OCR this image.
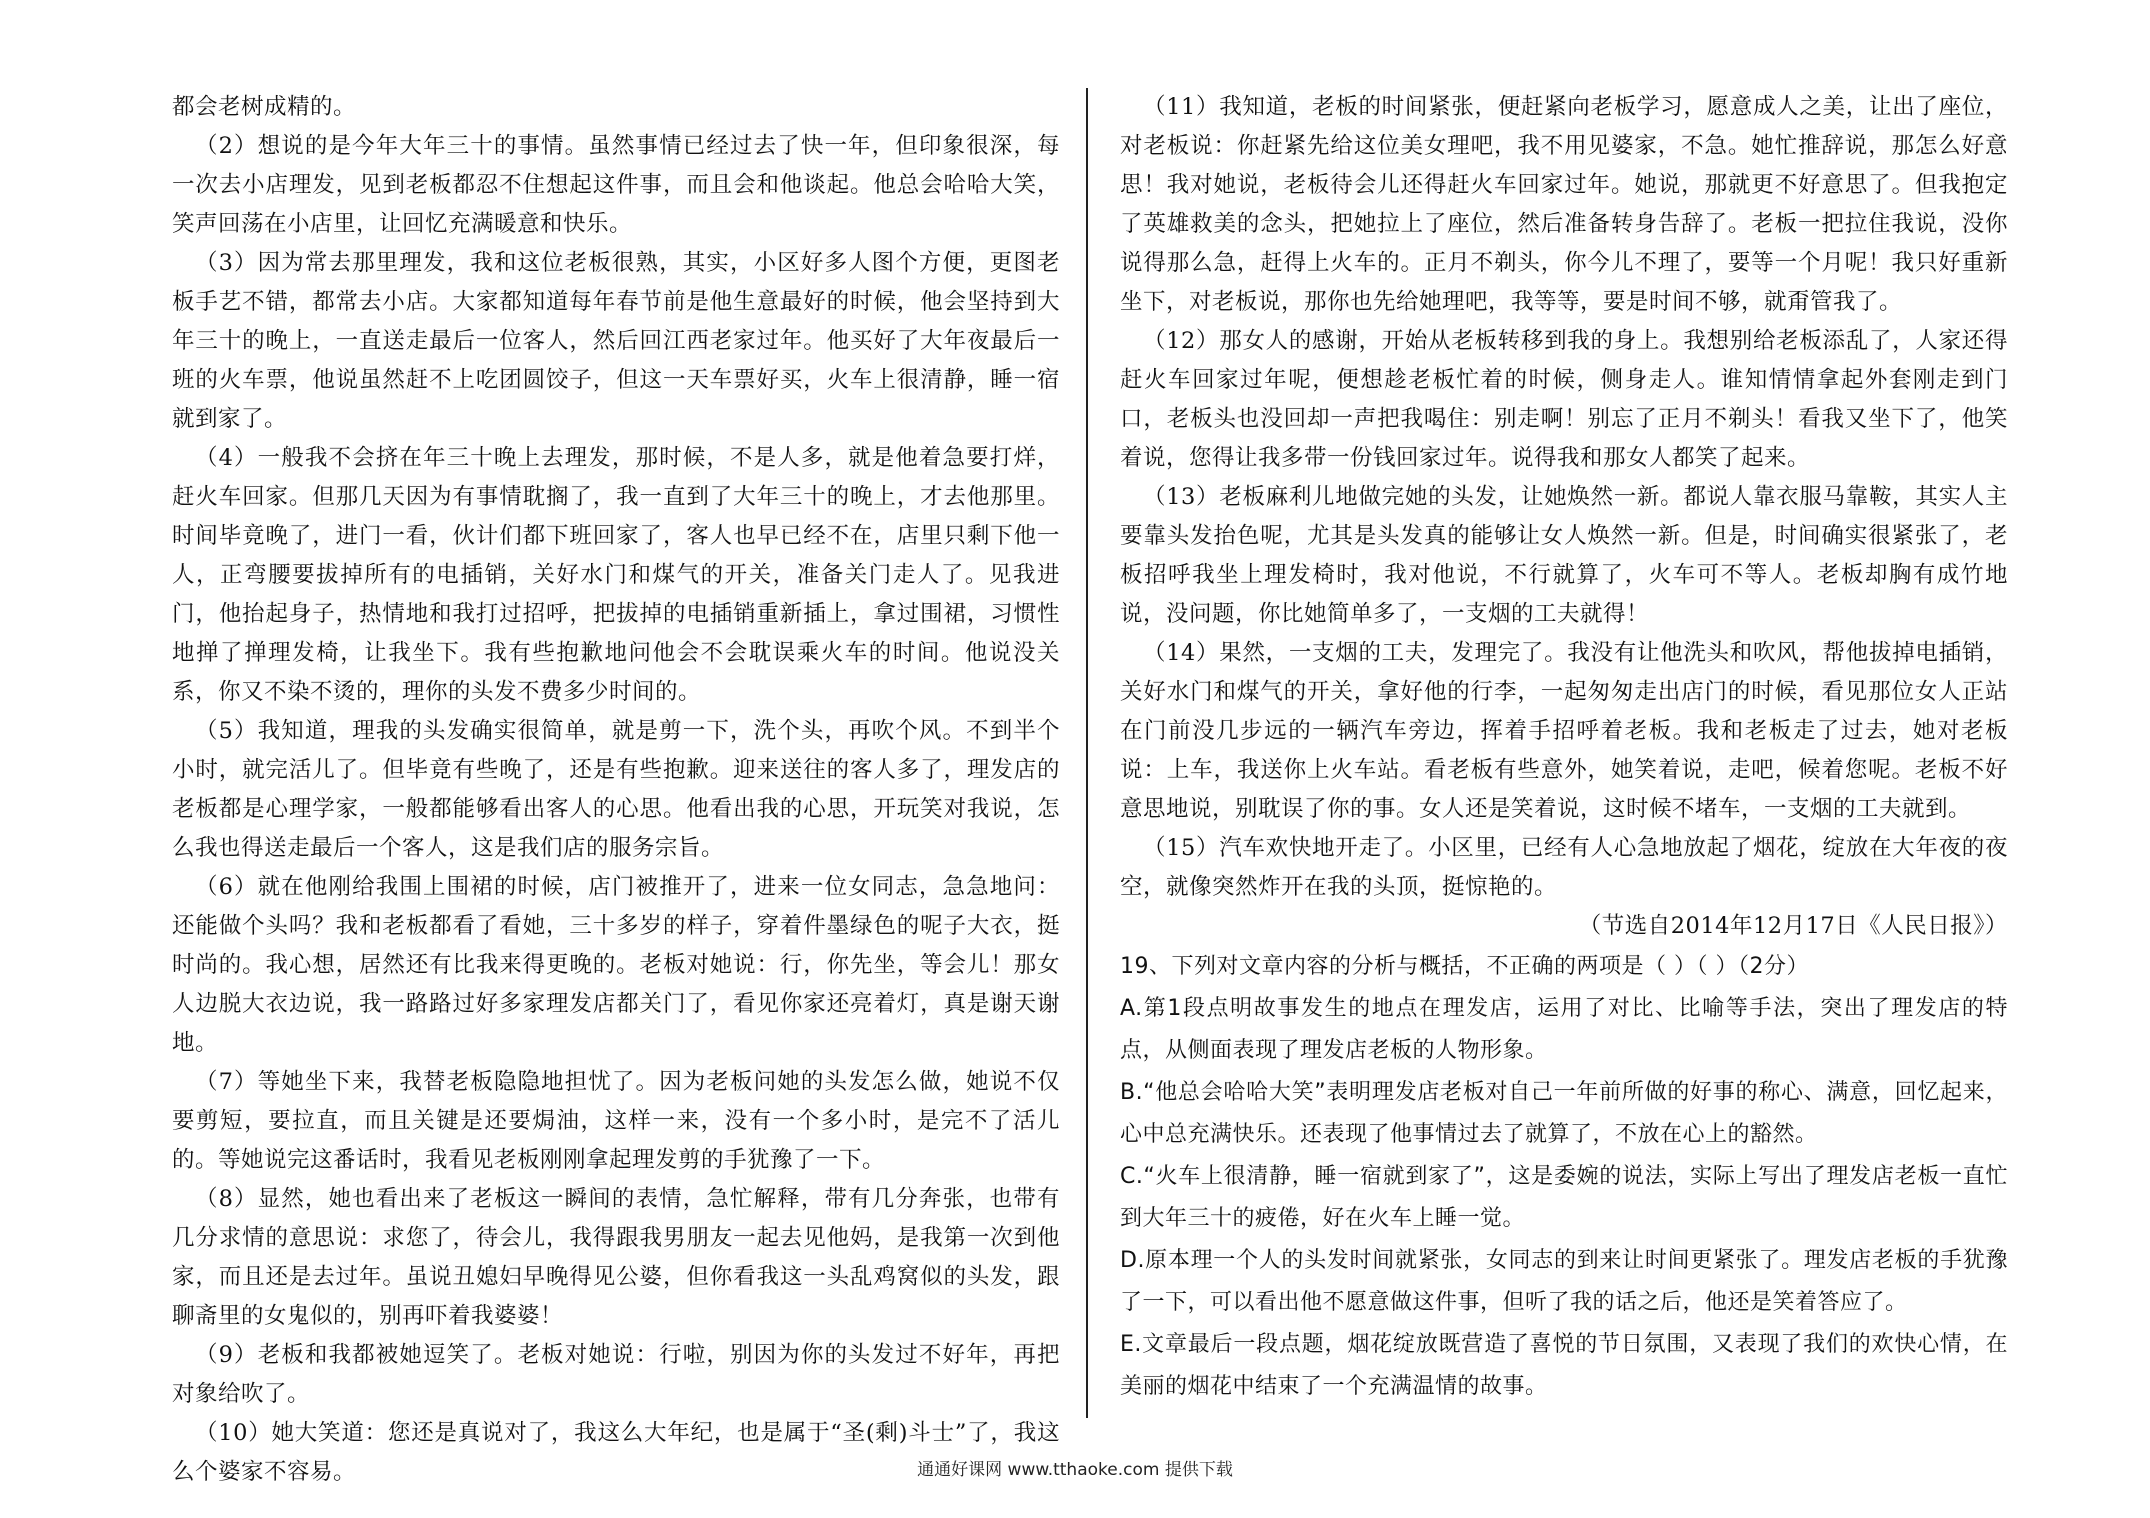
都会老树成精的。

（2）想说的是今年大年三十的事情。虽然事情已经过去了快一年，但印象很深，每一次去小店理发，见到老板都忍不住想起这件事，而且会和他谈起。他总会哈哈大笑，笑声回荡在小店里，让回忆充满暖意和快乐。

（3）因为常去那里理发，我和这位老板很熟，其实，小区好多人图个方便，更图老板手艺不错，都常去小店。大家都知道每年春节前是他生意最好的时候，他会坚持到大年三十的晚上，一直送走最后一位客人，然后回江西老家过年。他买好了大年夜最后一班的火车票，他说虽然赶不上吃团圆饺子，但这一天车票好买，火车上很清静，睡一宿就到家了。

（4）一般我不会挤在年三十晚上去理发，那时候，不是人多，就是他着急要打烊，赶火车回家。但那几天因为有事情耽搁了，我一直到了大年三十的晚上，才去他那里。时间毕竟晚了，进门一看，伙计们都下班回家了，客人也早已经不在，店里只剩下他一人，正弯腰要拔掉所有的电插销，关好水门和煤气的开关，准备关门走人了。见我进门，他抬起身子，热情地和我打过招呼，把拔掉的电插销重新插上，拿过围裙，习惯性地掸了掸理发椅，让我坐下。我有些抱歉地问他会不会耽误乘火车的时间。他说没关系，你又不染不烫的，理你的头发不费多少时间的。

（5）我知道，理我的头发确实很简单，就是剪一下，洗个头，再吹个风。不到半个小时，就完活儿了。但毕竟有些晚了，还是有些抱歉。迎来送往的客人多了，理发店的老板都是心理学家，一般都能够看出客人的心思。他看出我的心思，开玩笑对我说，怎么我也得送走最后一个客人，这是我们店的服务宗旨。

（6）就在他刚给我围上围裙的时候，店门被推开了，进来一位女同志，急急地问：还能做个头吗？我和老板都看了看她，三十多岁的样子，穿着件墨绿色的呢子大衣，挺时尚的。我心想，居然还有比我来得更晚的。老板对她说：行，你先坐，等会儿！那女人边脱大衣边说，我一路路过好多家理发店都关门了，看见你家还亮着灯，真是谢天谢地。

（7）等她坐下来，我替老板隐隐地担忧了。因为老板问她的头发怎么做，她说不仅要剪短，要拉直，而且关键是还要焗油，这样一来，没有一个多小时，是完不了活儿的。等她说完这番话时，我看见老板刚刚拿起理发剪的手犹豫了一下。

（8）显然，她也看出来了老板这一瞬间的表情，急忙解释，带有几分奔张，也带有几分求情的意思说：求您了，待会儿，我得跟我男朋友一起去见他妈，是我第一次到他家，而且还是去过年。虽说丑媳妇早晚得见公婆，但你看我这一头乱鸡窝似的头发，跟聊斋里的女鬼似的，别再吓着我婆婆！

（9）老板和我都被她逗笑了。老板对她说：行啦，别因为你的头发过不好年，再把对象给吹了。

（10）她大笑道：您还是真说对了，我这么大年纪，也是属于“圣(剩)斗士”了，我这么个婆家不容易。

（11）我知道，老板的时间紧张，便赶紧向老板学习，愿意成人之美，让出了座位，对老板说：你赶紧先给这位美女理吧，我不用见婆家，不急。她忙推辞说，那怎么好意思！我对她说，老板待会儿还得赶火车回家过年。她说，那就更不好意思了。但我抱定了英雄救美的念头，把她拉上了座位，然后准备转身告辞了。老板一把拉住我说，没你说得那么急，赶得上火车的。正月不剃头，你今儿不理了，要等一个月呢！我只好重新坐下，对老板说，那你也先给她理吧，我等等，要是时间不够，就甭管我了。

（12）那女人的感谢，开始从老板转移到我的身上。我想别给老板添乱了，人家还得赶火车回家过年呢，便想趁老板忙着的时候，侧身走人。谁知情情拿起外套刚走到门口，老板头也没回却一声把我喝住：别走啊！别忘了正月不剃头！看我又坐下了，他笑着说，您得让我多带一份钱回家过年。说得我和那女人都笑了起来。

（13）老板麻利儿地做完她的头发，让她焕然一新。都说人靠衣服马靠鞍，其实人主要靠头发抬色呢，尤其是头发真的能够让女人焕然一新。但是，时间确实很紧张了，老板招呼我坐上理发椅时，我对他说，不行就算了，火车可不等人。老板却胸有成竹地说，没问题，你比她简单多了，一支烟的工夫就得！

（14）果然，一支烟的工夫，发理完了。我没有让他洗头和吹风，帮他拔掉电插销，关好水门和煤气的开关，拿好他的行李，一起匆匆走出店门的时候，看见那位女人正站在门前没几步远的一辆汽车旁边，挥着手招呼着老板。我和老板走了过去，她对老板说：上车，我送你上火车站。看老板有些意外，她笑着说，走吧，候着您呢。老板不好意思地说，别耽误了你的事。女人还是笑着说，这时候不堵车，一支烟的工夫就到。

（15）汽车欢快地开走了。小区里，已经有人心急地放起了烟花，绽放在大年夜的夜空，就像突然炸开在我的头顶，挺惊艳的。

（节选自2014年12月17日《人民日报》）

19、下列对文章内容的分析与概括，不正确的两项是（ ）（ ）（2分）

A.第1段点明故事发生的地点在理发店，运用了对比、比喻等手法，突出了理发店的特点，从侧面表现了理发店老板的人物形象。

B.“他总会哈哈大笑”表明理发店老板对自己一年前所做的好事的称心、满意，回忆起来，心中总充满快乐。还表现了他事情过去了就算了，不放在心上的豁然。

C.“火车上很清静，睡一宿就到家了”，这是委婉的说法，实际上写出了理发店老板一直忙到大年三十的疲倦，好在火车上睡一觉。

D.原本理一个人的头发时间就紧张，女同志的到来让时间更紧张了。理发店老板的手犹豫了一下，可以看出他不愿意做这件事，但听了我的话之后，他还是笑着答应了。

E.文章最后一段点题，烟花绽放既营造了喜悦的节日氛围，又表现了我们的欢快心情，在美丽的烟花中结束了一个充满温情的故事。

通通好课网 www.tthaoke.com 提供下载
